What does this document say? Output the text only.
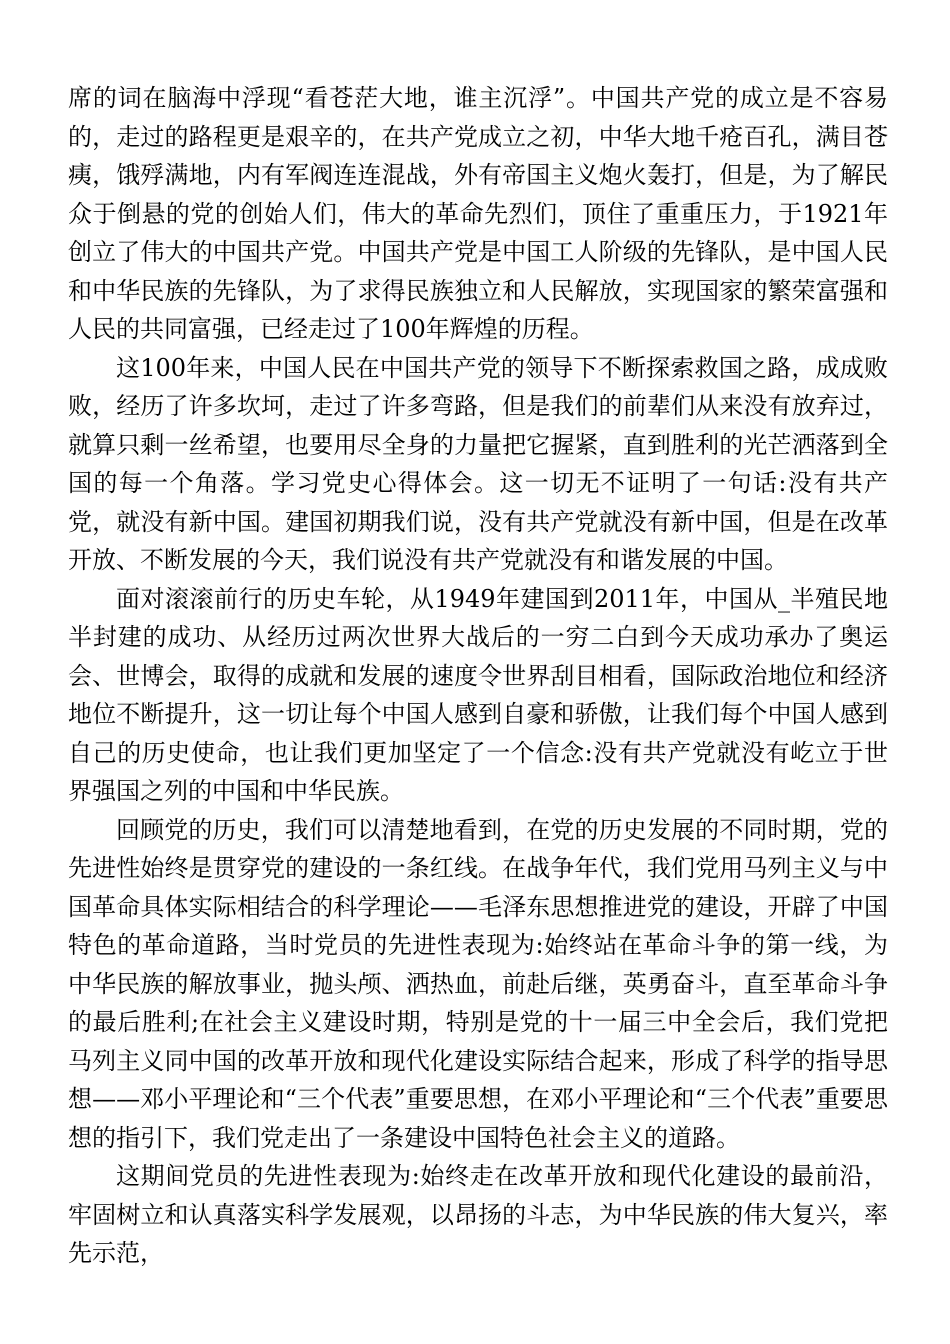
席的词在脑海中浮现“看苍茫大地，谁主沉浮”。中国共产党的成立是不容易的，走过的路程更是艰辛的，在共产党成立之初，中华大地千疮百孔，满目苍痍，饿殍满地，内有军阀连连混战，外有帝国主义炮火轰打，但是，为了解民众于倒悬的党的创始人们，伟大的革命先烈们，顶住了重重压力，于1921年创立了伟大的中国共产党。中国共产党是中国工人阶级的先锋队，是中国人民和中华民族的先锋队，为了求得民族独立和人民解放，实现国家的繁荣富强和人民的共同富强，已经走过了100年辉煌的历程。

这100年来，中国人民在中国共产党的领导下不断探索救国之路，成成败败，经历了许多坎坷，走过了许多弯路，但是我们的前辈们从来没有放弃过，就算只剩一丝希望，也要用尽全身的力量把它握紧，直到胜利的光芒洒落到全国的每一个角落。学习党史心得体会。这一切无不证明了一句话:没有共产党，就没有新中国。建国初期我们说，没有共产党就没有新中国，但是在改革开放、不断发展的今天，我们说没有共产党就没有和谐发展的中国。

面对滚滚前行的历史车轮，从1949年建国到2011年，中国从_半殖民地半封建的成功、从经历过两次世界大战后的一穷二白到今天成功承办了奥运会、世博会，取得的成就和发展的速度令世界刮目相看，国际政治地位和经济地位不断提升，这一切让每个中国人感到自豪和骄傲，让我们每个中国人感到自己的历史使命，也让我们更加坚定了一个信念:没有共产党就没有屹立于世界强国之列的中国和中华民族。

回顾党的历史，我们可以清楚地看到，在党的历史发展的不同时期，党的先进性始终是贯穿党的建设的一条红线。在战争年代，我们党用马列主义与中国革命具体实际相结合的科学理论——毛泽东思想推进党的建设，开辟了中国特色的革命道路，当时党员的先进性表现为:始终站在革命斗争的第一线，为中华民族的解放事业，抛头颅、洒热血，前赴后继，英勇奋斗，直至革命斗争的最后胜利;在社会主义建设时期，特别是党的十一届三中全会后，我们党把马列主义同中国的改革开放和现代化建设实际结合起来，形成了科学的指导思想——邓小平理论和“三个代表”重要思想，在邓小平理论和“三个代表”重要思想的指引下，我们党走出了一条建设中国特色社会主义的道路。

这期间党员的先进性表现为:始终走在改革开放和现代化建设的最前沿，牢固树立和认真落实科学发展观，以昂扬的斗志，为中华民族的伟大复兴，率先示范，
